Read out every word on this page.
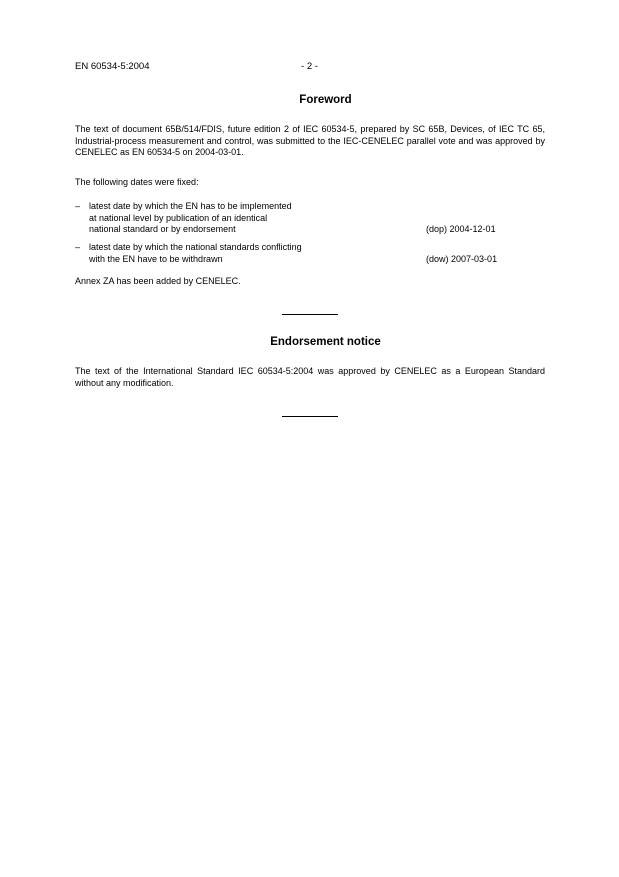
EN 60534-5:2004	- 2 -
Foreword
The text of document 65B/514/FDIS, future edition 2 of IEC 60534-5, prepared by SC 65B, Devices, of IEC TC 65, Industrial-process measurement and control, was submitted to the IEC-CENELEC parallel vote and was approved by CENELEC as EN 60534-5 on 2004-03-01.
The following dates were fixed:
– latest date by which the EN has to be implemented
at national level by publication of an identical
national standard or by endorsement	(dop) 2004-12-01
– latest date by which the national standards conflicting
with the EN have to be withdrawn	(dow) 2007-03-01
Annex ZA has been added by CENELEC.
Endorsement notice
The text of the International Standard IEC 60534-5:2004 was approved by CENELEC as a European Standard without any modification.
